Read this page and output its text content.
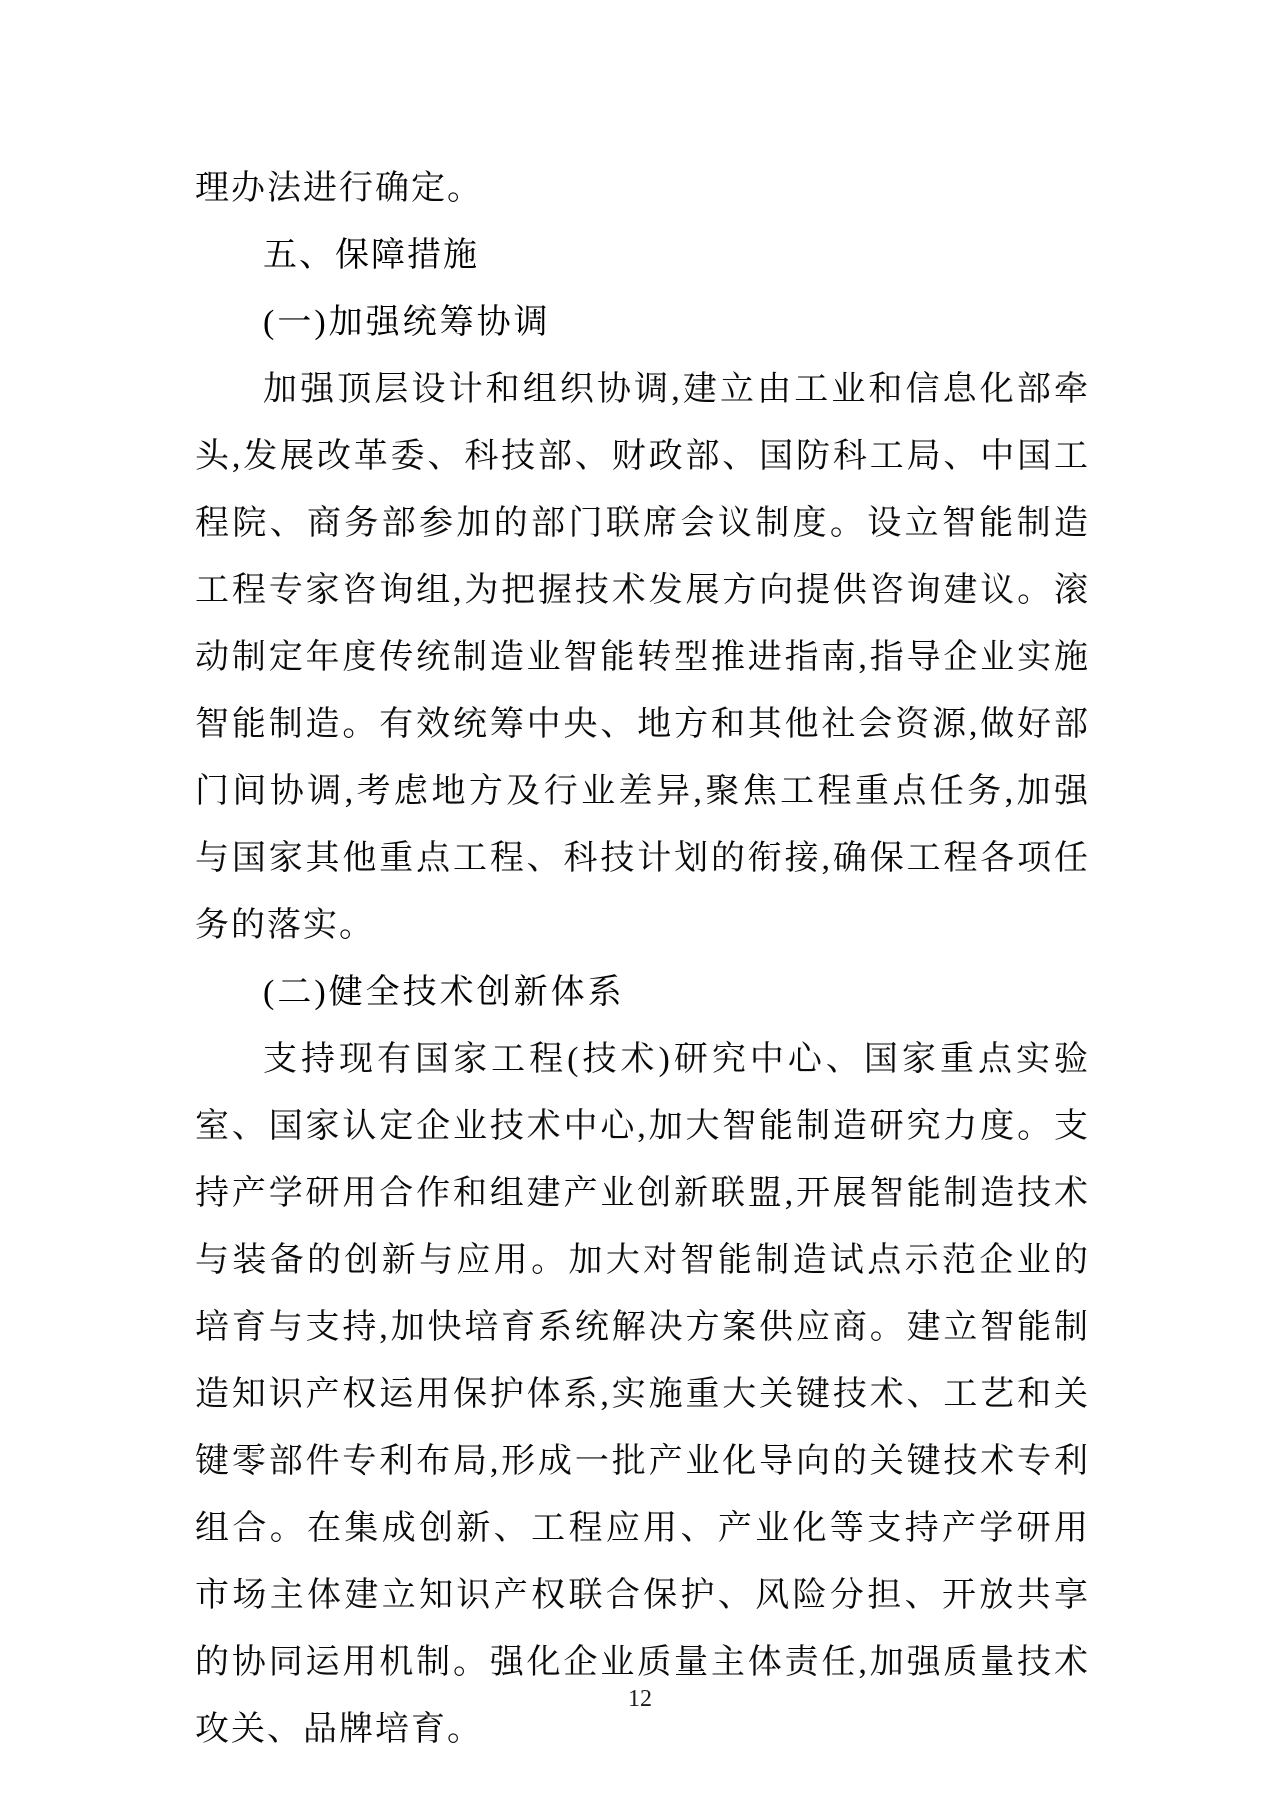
理办法进行确定。

五、保障措施
(一)加强统筹协调

加强顶层设计和组织协调,建立由工业和信息化部牵头,发展改革委、科技部、财政部、国防科工局、中国工程院、商务部参加的部门联席会议制度。设立智能制造工程专家咨询组,为把握技术发展方向提供咨询建议。滚动制定年度传统制造业智能转型推进指南,指导企业实施智能制造。有效统筹中央、地方和其他社会资源,做好部门间协调,考虑地方及行业差异,聚焦工程重点任务,加强与国家其他重点工程、科技计划的衔接,确保工程各项任务的落实。

(二)健全技术创新体系

支持现有国家工程(技术)研究中心、国家重点实验室、国家认定企业技术中心,加大智能制造研究力度。支持产学研用合作和组建产业创新联盟,开展智能制造技术与装备的创新与应用。加大对智能制造试点示范企业的培育与支持,加快培育系统解决方案供应商。建立智能制造知识产权运用保护体系,实施重大关键技术、工艺和关键零部件专利布局,形成一批产业化导向的关键技术专利组合。在集成创新、工程应用、产业化等支持产学研用市场主体建立知识产权联合保护、风险分担、开放共享的协同运用机制。强化企业质量主体责任,加强质量技术攻关、品牌培育。

12
